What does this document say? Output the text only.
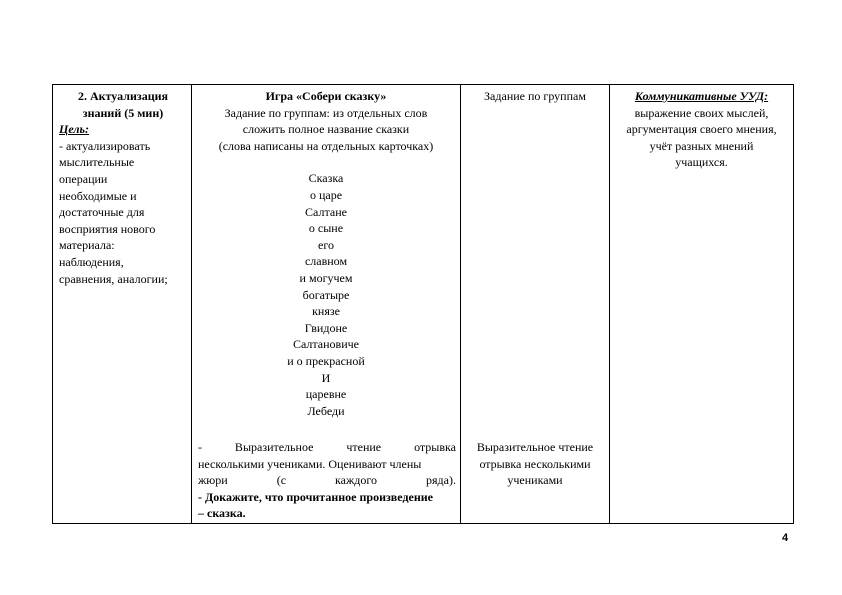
2. Актуализация
знаний (5 мин)
Цель:
- актуализировать
мыслительные
операции
необходимые и
достаточные для
восприятия нового
материала:
наблюдения,
сравнения, аналогии;
Игра «Собери сказку»
Задание по группам: из отдельных слов
сложить полное название сказки
(слова написаны на отдельных карточках)
Сказка
о царе
Салтане
о сыне
его
славном
и могучем
богатыре
князе
Гвидоне
Салтановиче
и о прекрасной
И
царевне
Лебеди
- Выразительное чтение отрывка
несколькими учениками. Оценивают члены
жюри (с каждого ряда).
- Докажите, что прочитанное произведение
– сказка.
Задание по группам
Выразительное чтение
отрывка несколькими
учениками
Коммуникативные УУД:
выражение своих мыслей,
аргументация своего мнения,
учёт разных мнений
учащихся.
4
